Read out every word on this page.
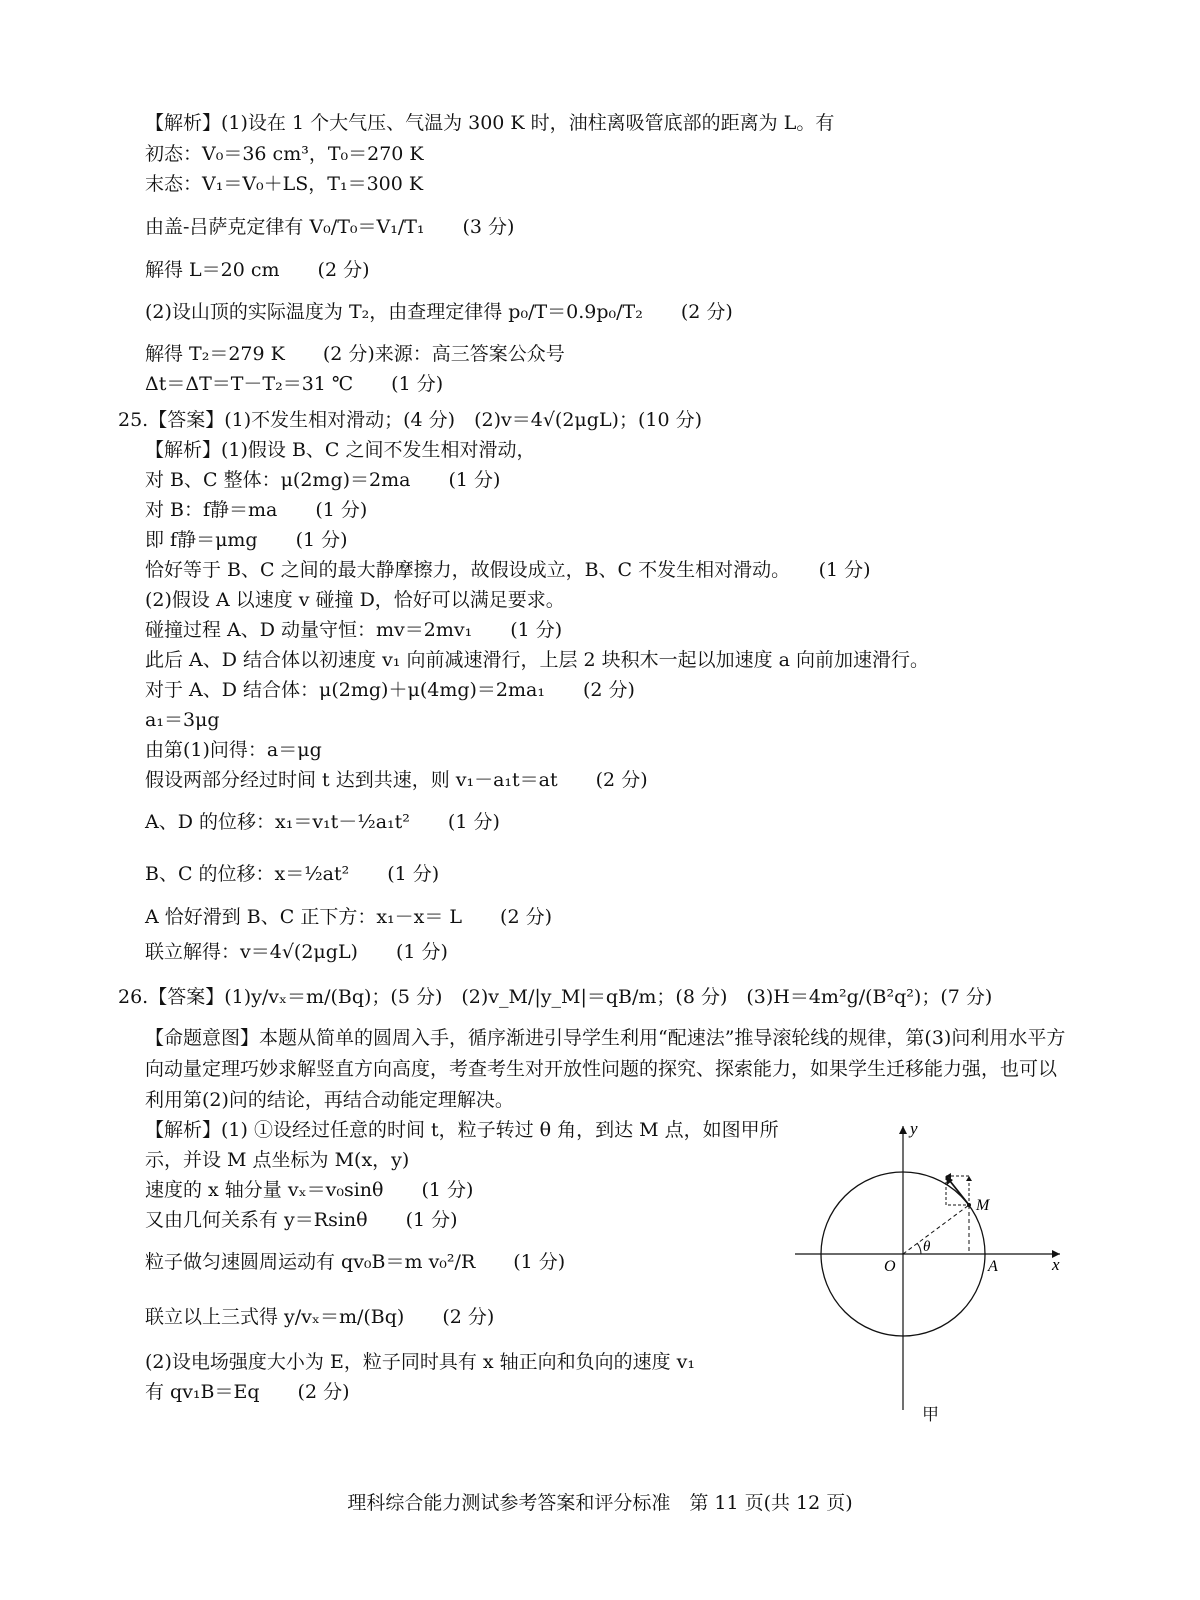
【解析】(1)设在 1 个大气压、气温为 300 K 时，油柱离吸管底部的距离为 L。有
初态：V₀＝36 cm³，T₀＝270 K
末态：V₁＝V₀＋LS，T₁＝300 K
由盖-吕萨克定律有 V₀/T₀＝V₁/T₁　　(3 分)
解得 L＝20 cm　　(2 分)
(2)设山顶的实际温度为 T₂，由查理定律得 p₀/T＝0.9p₀/T₂　　(2 分)
解得 T₂＝279 K　　(2 分)来源：高三答案公众号
Δt＝ΔT＝T－T₂＝31 ℃　　(1 分)
25.【答案】(1)不发生相对滑动；(4 分)　(2)v＝4√(2μgL)；(10 分)
【解析】(1)假设 B、C 之间不发生相对滑动，
对 B、C 整体：μ(2mg)＝2ma　　(1 分)
对 B：f静＝ma　　(1 分)
即 f静＝μmg　　(1 分)
恰好等于 B、C 之间的最大静摩擦力，故假设成立，B、C 不发生相对滑动。　　(1 分)
(2)假设 A 以速度 v 碰撞 D，恰好可以满足要求。
碰撞过程 A、D 动量守恒：mv＝2mv₁　　(1 分)
此后 A、D 结合体以初速度 v₁ 向前减速滑行，上层 2 块积木一起以加速度 a 向前加速滑行。
对于 A、D 结合体：μ(2mg)＋μ(4mg)＝2ma₁　　(2 分)
a₁＝3μg
由第(1)问得：a＝μg
假设两部分经过时间 t 达到共速，则 v₁－a₁t＝at　　(2 分)
A、D 的位移：x₁＝v₁t－½a₁t²　　(1 分)
B、C 的位移：x＝½at²　　(1 分)
A 恰好滑到 B、C 正下方：x₁－x＝ L　　(2 分)
联立解得：v＝4√(2μgL)　　(1 分)
26.【答案】(1)y/vₓ＝m/(Bq)；(5 分)　(2)v_M/|y_M|＝qB/m；(8 分)　(3)H＝4m²g/(B²q²)；(7 分)
【命题意图】本题从简单的圆周入手，循序渐进引导学生利用“配速法”推导滚轮线的规律，第(3)问利用水平方向动量定理巧妙求解竖直方向高度，考查考生对开放性问题的探究、探索能力，如果学生迁移能力强，也可以利用第(2)问的结论，再结合动能定理解决。
【解析】(1) ①设经过任意的时间 t，粒子转过 θ 角，到达 M 点，如图甲所
示，并设 M 点坐标为 M(x，y)
速度的 x 轴分量 vₓ＝v₀sinθ　　(1 分)
又由几何关系有 y＝Rsinθ　　(1 分)
粒子做匀速圆周运动有 qv₀B＝m v₀²/R　　(1 分)
联立以上三式得 y/vₓ＝m/(Bq)　　(2 分)
(2)设电场强度大小为 E，粒子同时具有 x 轴正向和负向的速度 v₁
有 qv₁B＝Eq　　(2 分)
y
x
O	A
M
θ
甲
理科综合能力测试参考答案和评分标准　第 11 页(共 12 页)
